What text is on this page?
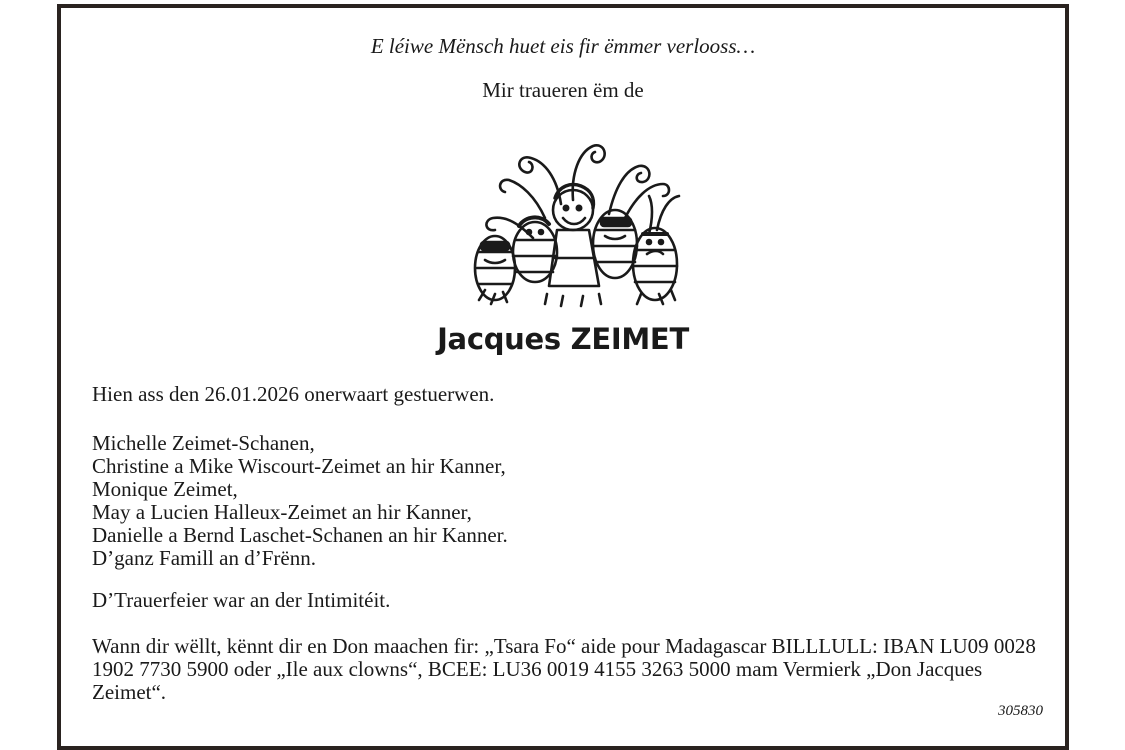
E léiwe Mënsch huet eis fir ëmmer verlooss…
Mir traueren ëm de
Jacques ZEIMET

Hien ass den 26.01.2026 onerwaart gestuerwen.

Michelle Zeimet-Schanen,
Christine a Mike Wiscourt-Zeimet an hir Kanner,
Monique Zeimet,
May a Lucien Halleux-Zeimet an hir Kanner,
Danielle a Bernd Laschet-Schanen an hir Kanner.
D’ganz Famill an d’Frënn.

D’Trauerfeier war an der Intimitéit.

Wann dir wëllt, kënnt dir en Don maachen fir: „Tsara Fo“ aide pour Madagascar BILLLULL: IBAN LU09 0028 1902 7730 5900 oder „Ile aux clowns“, BCEE: LU36 0019 4155 3263 5000 mam Vermierk „Don Jacques Zeimet“.

305830
